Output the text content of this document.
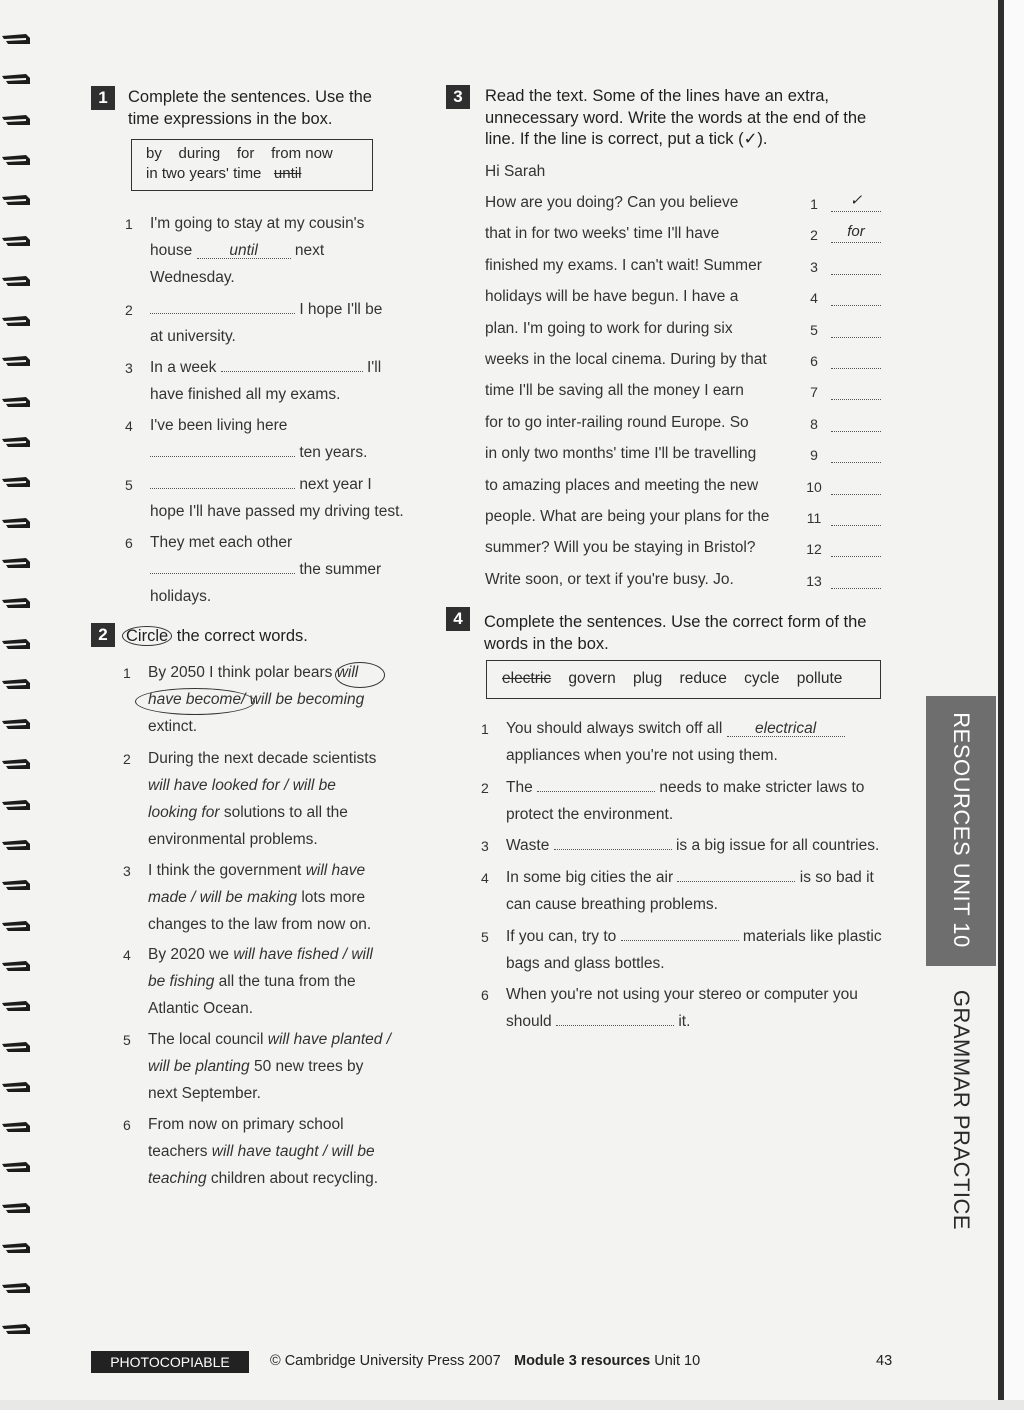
1	Complete the sentences. Use the
time expressions in the box.
by during for from now
in two years' time until
1 I'm going to stay at my cousin's
house until next
Wednesday.
2	I hope I'll be
at university.
3 In a week	I'll
have finished all my exams.
4 I've been living here
ten years.
5	next year I
hope I'll have passed my driving test.
6 They met each other
the summer
holidays.
2	Circle the correct words.
1 By 2050 I think polar bears will
have become/ will be becoming
extinct.
2 During the next decade scientists
will have looked for / will be
looking for solutions to all the
environmental problems.
3 I think the government will have
made / will be making lots more
changes to the law from now on.
4 By 2020 we will have fished / will
be fishing all the tuna from the
Atlantic Ocean.
5 The local council will have planted /
will be planting 50 new trees by
next September.
6 From now on primary school
teachers will have taught / will be
teaching children about recycling.
3	Read the text. Some of the lines have an extra,
unnecessary word. Write the words at the end of the
line. If the line is correct, put a tick (✓).
Hi Sarah
How are you doing? Can you believe	1	✓
that in for two weeks' time I'll have	2	for
finished my exams. I can't wait! Summer	3
holidays will be have begun. I have a	4
plan. I'm going to work for during six	5
weeks in the local cinema. During by that	6
time I'll be saving all the money I earn	7
for to go inter-railing round Europe. So	8
in only two months' time I'll be travelling	9
to amazing places and meeting the new	10
people. What are being your plans for the	11
summer? Will you be staying in Bristol?	12
Write soon, or text if you're busy. Jo.	13
4	Complete the sentences. Use the correct form of the
words in the box.
electric govern plug reduce cycle pollute
1 You should always switch off all electrical
appliances when you're not using them.
2 The	needs to make stricter laws to
protect the environment.
3 Waste	is a big issue for all countries.
4 In some big cities the air	is so bad it
can cause breathing problems.
5 If you can, try to	materials like plastic
bags and glass bottles.
6 When you're not using your stereo or computer you
should	it.
RESOURCES UNIT 10
GRAMMAR PRACTICE
PHOTOCOPIABLE	© Cambridge University Press 2007 Module 3 resources Unit 10	43
